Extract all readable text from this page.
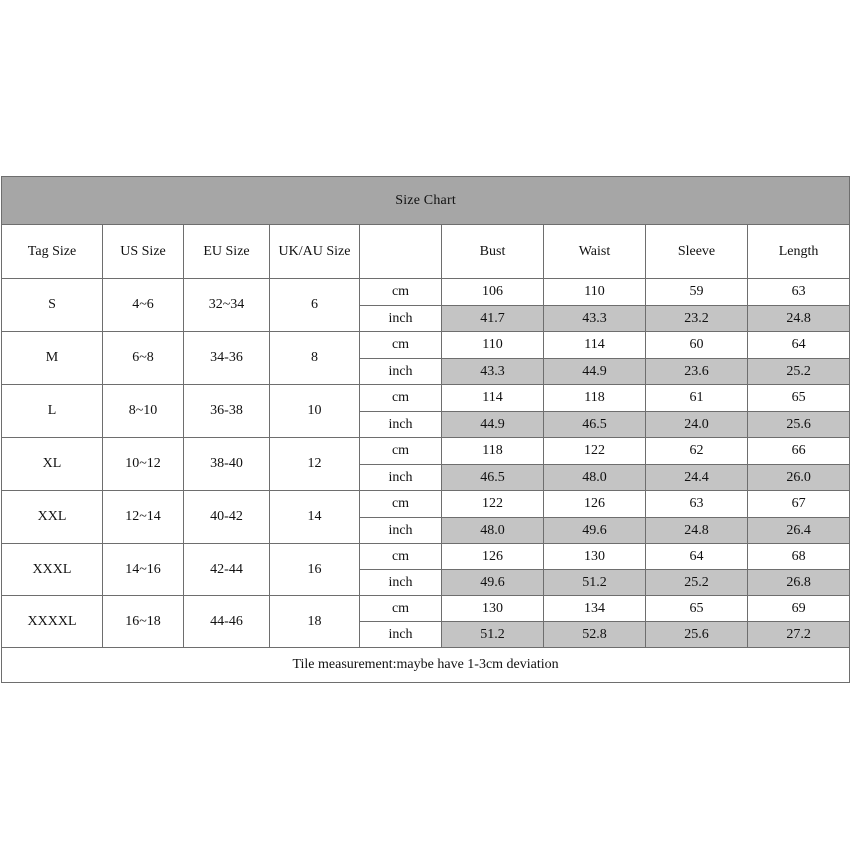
Size Chart								
Tag Size	US Size	EU Size	UK/AU Size		Bust	Waist	Sleeve	Length
S	4~6	32~34	6	cm	106	110	59	63
				inch	41.7	43.3	23.2	24.8
M	6~8	34-36	8	cm	110	114	60	64
				inch	43.3	44.9	23.6	25.2
L	8~10	36-38	10	cm	114	118	61	65
				inch	44.9	46.5	24.0	25.6
XL	10~12	38-40	12	cm	118	122	62	66
				inch	46.5	48.0	24.4	26.0
XXL	12~14	40-42	14	cm	122	126	63	67
				inch	48.0	49.6	24.8	26.4
XXXL	14~16	42-44	16	cm	126	130	64	68
				inch	49.6	51.2	25.2	26.8
XXXXL	16~18	44-46	18	cm	130	134	65	69
				inch	51.2	52.8	25.6	27.2
Tile measurement:maybe have 1-3cm deviation								
